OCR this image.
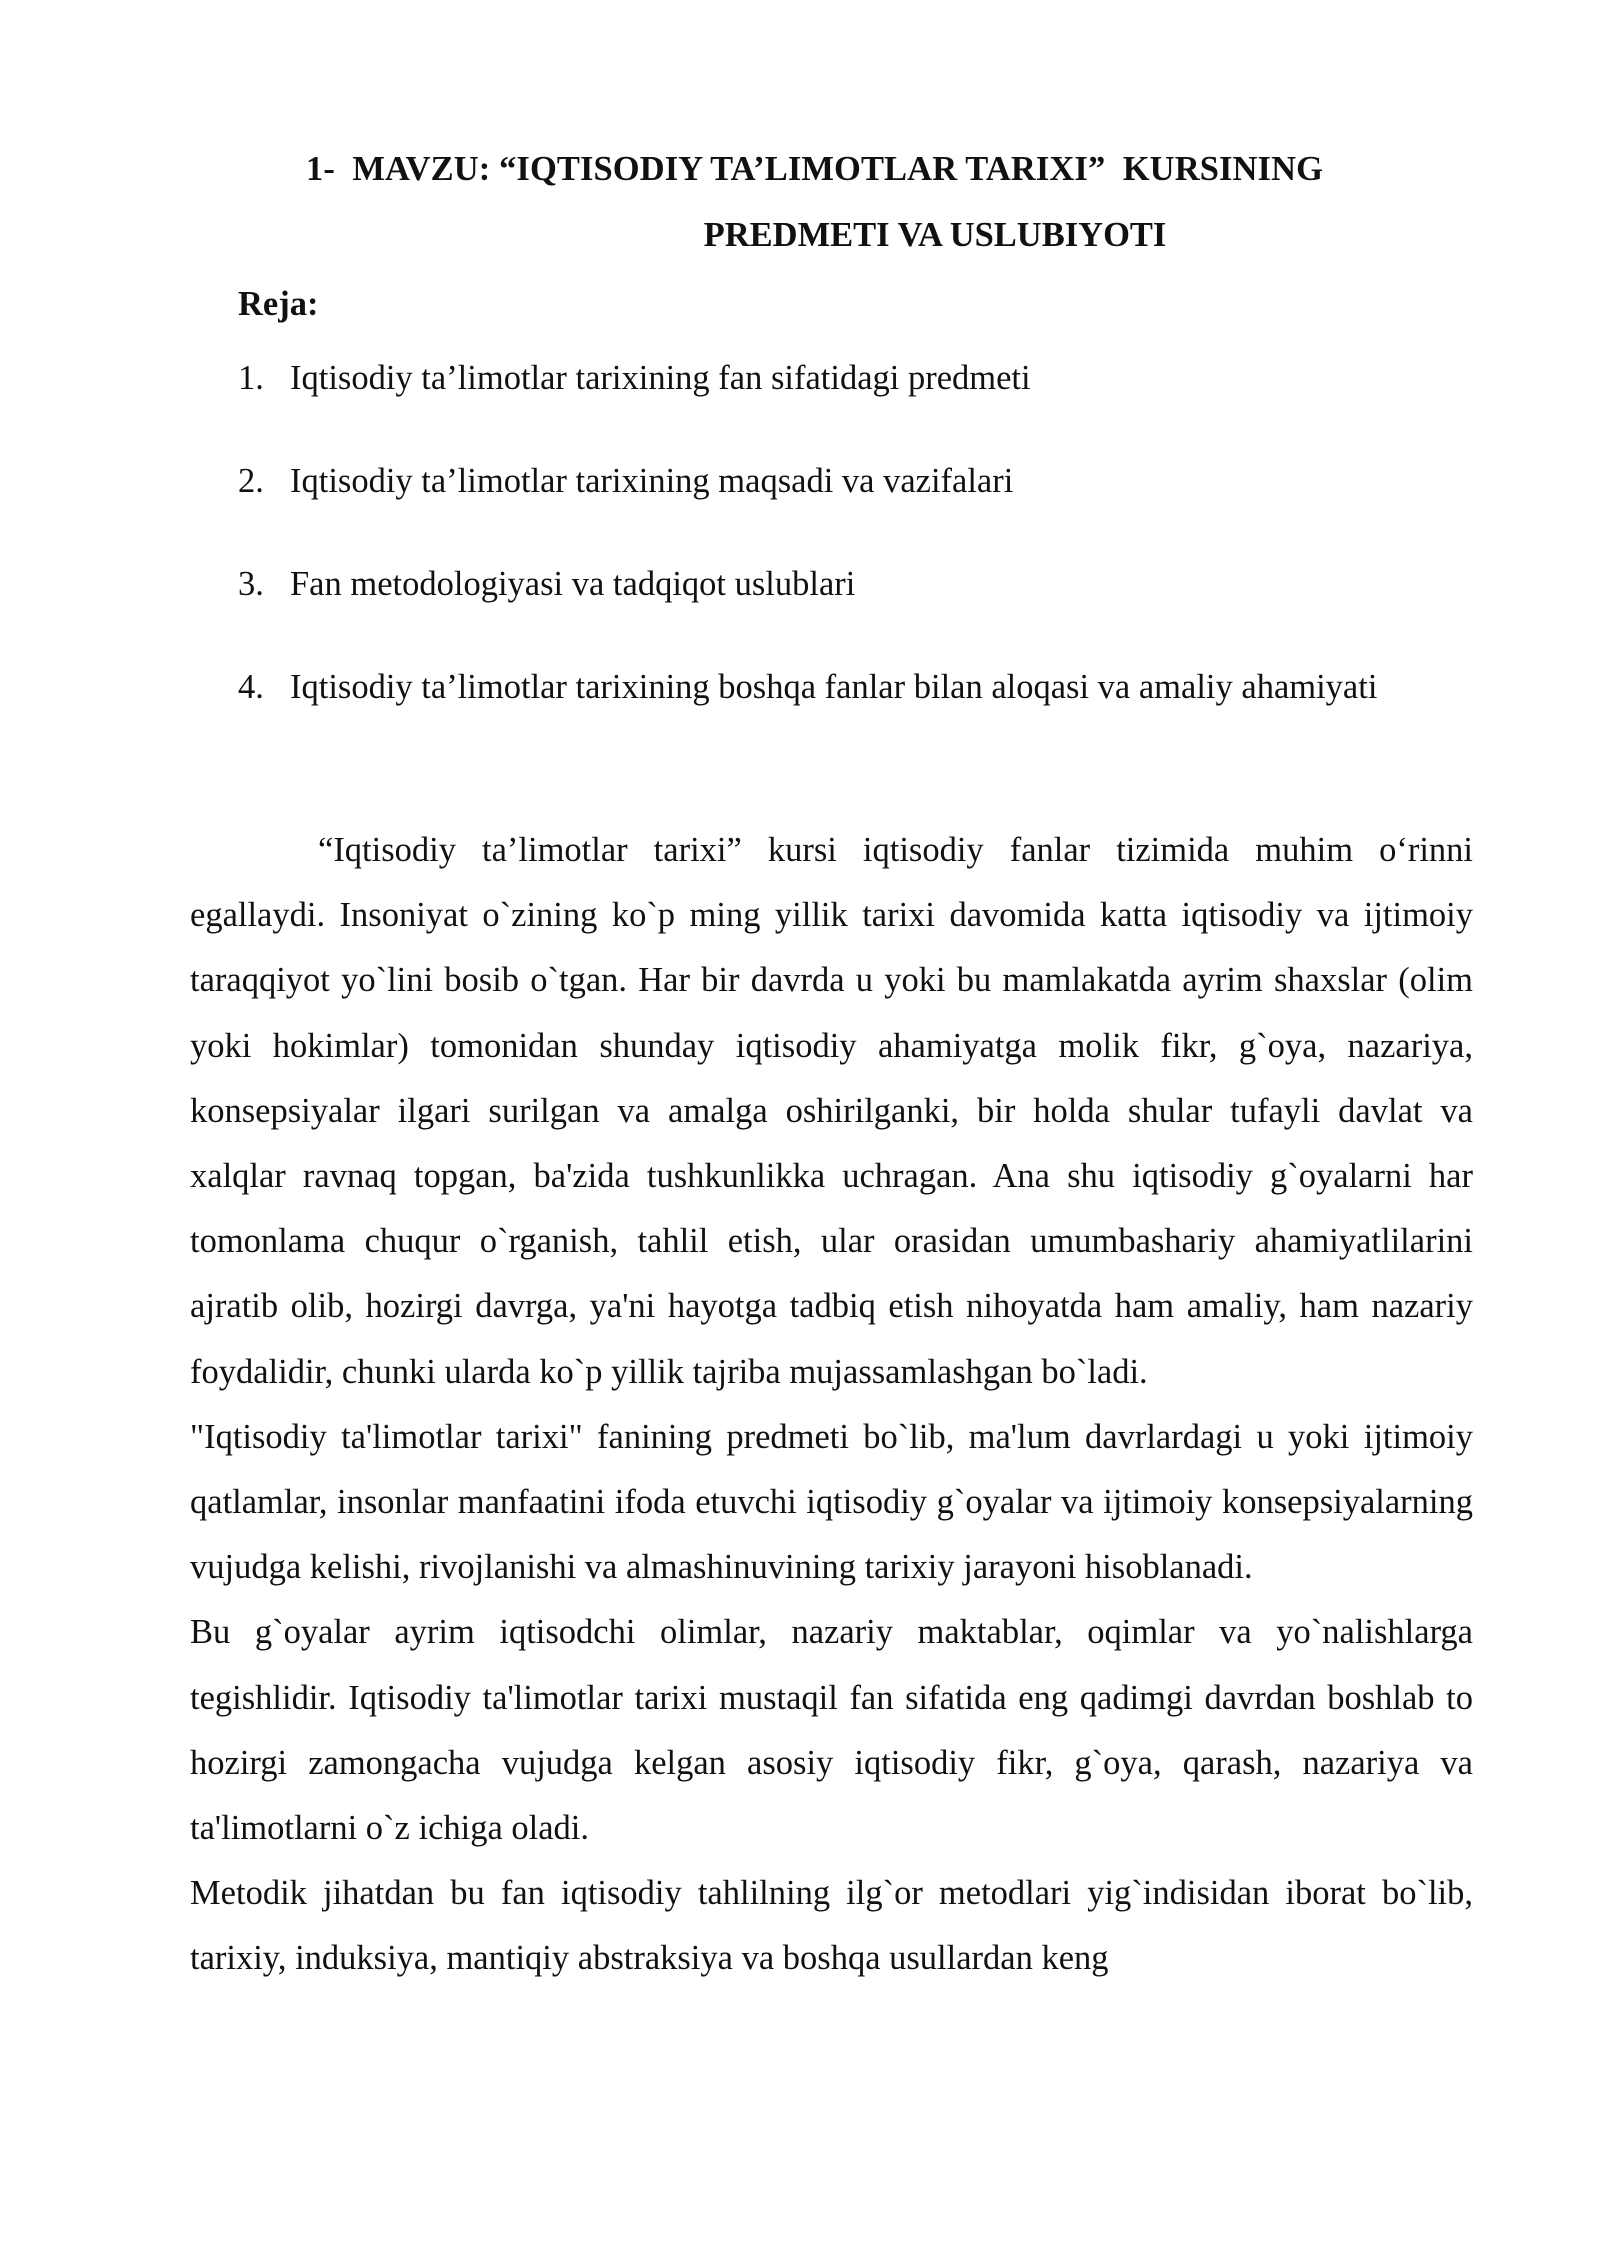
1-  MAVZU: “IQTISODIY TA’LIMOTLAR TARIXI”  KURSINING
PREDMETI VA USLUBIYOTI
Reja:
1. Iqtisodiy ta’limotlar tarixining fan sifatidagi predmeti
2. Iqtisodiy ta’limotlar tarixining maqsadi va vazifalari
3. Fan metodologiyasi va tadqiqot uslublari
4. Iqtisodiy ta’limotlar tarixining boshqa fanlar bilan aloqasi va amaliy ahamiyati

“Iqtisodiy ta’limotlar tarixi” kursi iqtisodiy fanlar tizimida muhim o‘rinni egallaydi. Insoniyat o`zining ko`p ming yillik tarixi davomida katta iqtisodiy va ijtimoiy taraqqiyot yo`lini bosib o`tgan. Har bir davrda u yoki bu mamlakatda ayrim shaxslar (olim yoki hokimlar) tomonidan shunday iqtisodiy ahamiyatga molik fikr, g`oya, nazariya, konsepsiyalar ilgari surilgan va amalga oshirilganki, bir holda shular tufayli davlat va xalqlar ravnaq topgan, ba'zida tushkunlikka uchragan. Ana shu iqtisodiy g`oyalarni har tomonlama chuqur o`rganish, tahlil etish, ular orasidan umumbashariy ahamiyatlilarini ajratib olib, hozirgi davrga, ya'ni hayotga tadbiq etish nihoyatda ham amaliy, ham nazariy foydalidir, chunki ularda ko`p yillik tajriba mujassamlashgan bo`ladi.

"Iqtisodiy ta'limotlar tarixi" fanining predmeti bo`lib, ma'lum davrlardagi u yoki ijtimoiy qatlamlar, insonlar manfaatini ifoda etuvchi iqtisodiy g`oyalar va ijtimoiy konsepsiyalarning vujudga kelishi, rivojlanishi va almashinuvining tarixiy jarayoni hisoblanadi.

Bu g`oyalar ayrim iqtisodchi olimlar, nazariy maktablar, oqimlar va yo`nalishlarga tegishlidir. Iqtisodiy ta'limotlar tarixi mustaqil fan sifatida eng qadimgi davrdan boshlab to hozirgi zamongacha vujudga kelgan asosiy iqtisodiy fikr, g`oya, qarash, nazariya va ta'limotlarni o`z ichiga oladi.

Metodik jihatdan bu fan iqtisodiy tahlilning ilg`or metodlari yig`indisidan iborat bo`lib, tarixiy, induksiya, mantiqiy abstraksiya va boshqa usullardan keng
